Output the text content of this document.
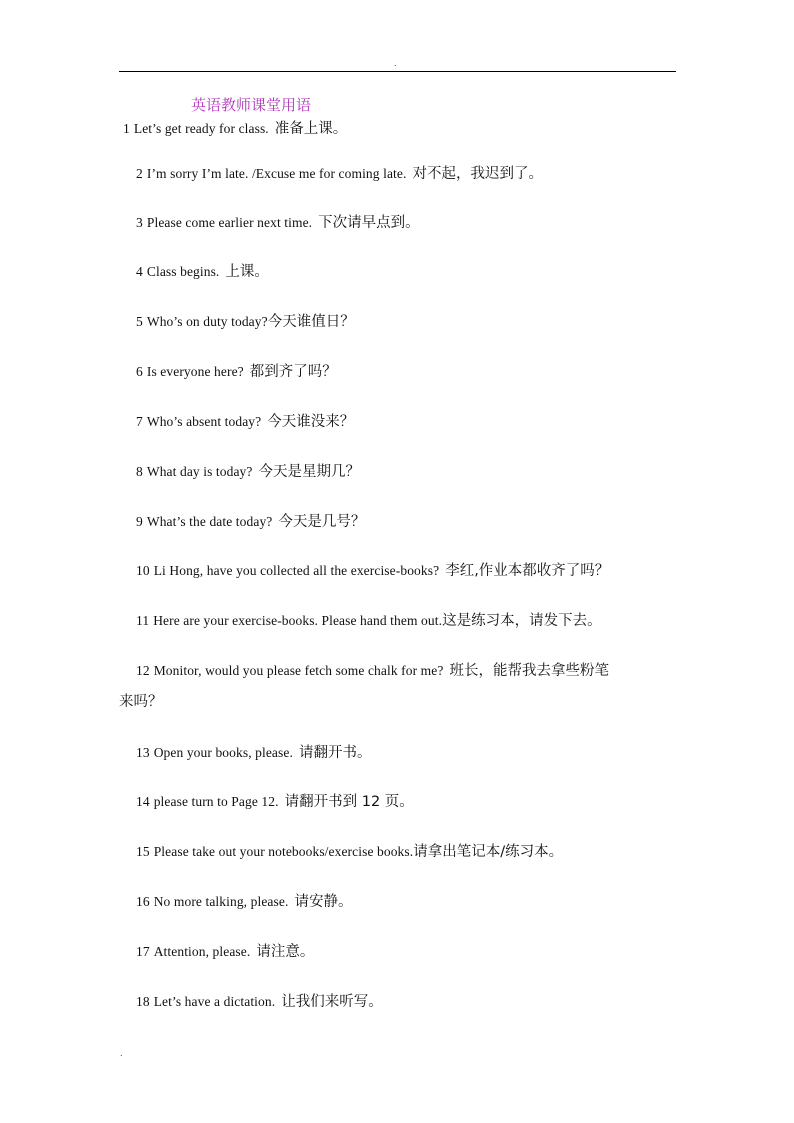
.
英语教师课堂用语
1 Let’s get ready for class. 准备上课。
2 I’m sorry I’m late. /Excuse me for coming late. 对不起，我迟到了。
3 Please come earlier next time. 下次请早点到。
4 Class begins. 上课。
5 Who’s on duty today?今天谁值日？
6 Is everyone here? 都到齐了吗？
7 Who’s absent today? 今天谁没来？
8 What day is today? 今天是星期几？
9 What’s the date today? 今天是几号？
10 Li Hong, have you collected all the exercise-books? 李红,作业本都收齐了吗？
11 Here are your exercise-books. Please hand them out.这是练习本，请发下去。
12 Monitor, would you please fetch some chalk for me? 班长，能帮我去拿些粉笔
来吗？
13 Open your books, please. 请翻开书。
14 please turn to Page 12. 请翻开书到 12 页。
15 Please take out your notebooks/exercise books.请拿出笔记本/练习本。
16 No more talking, please. 请安静。
17 Attention, please. 请注意。
18 Let’s have a dictation. 让我们来听写。
.
